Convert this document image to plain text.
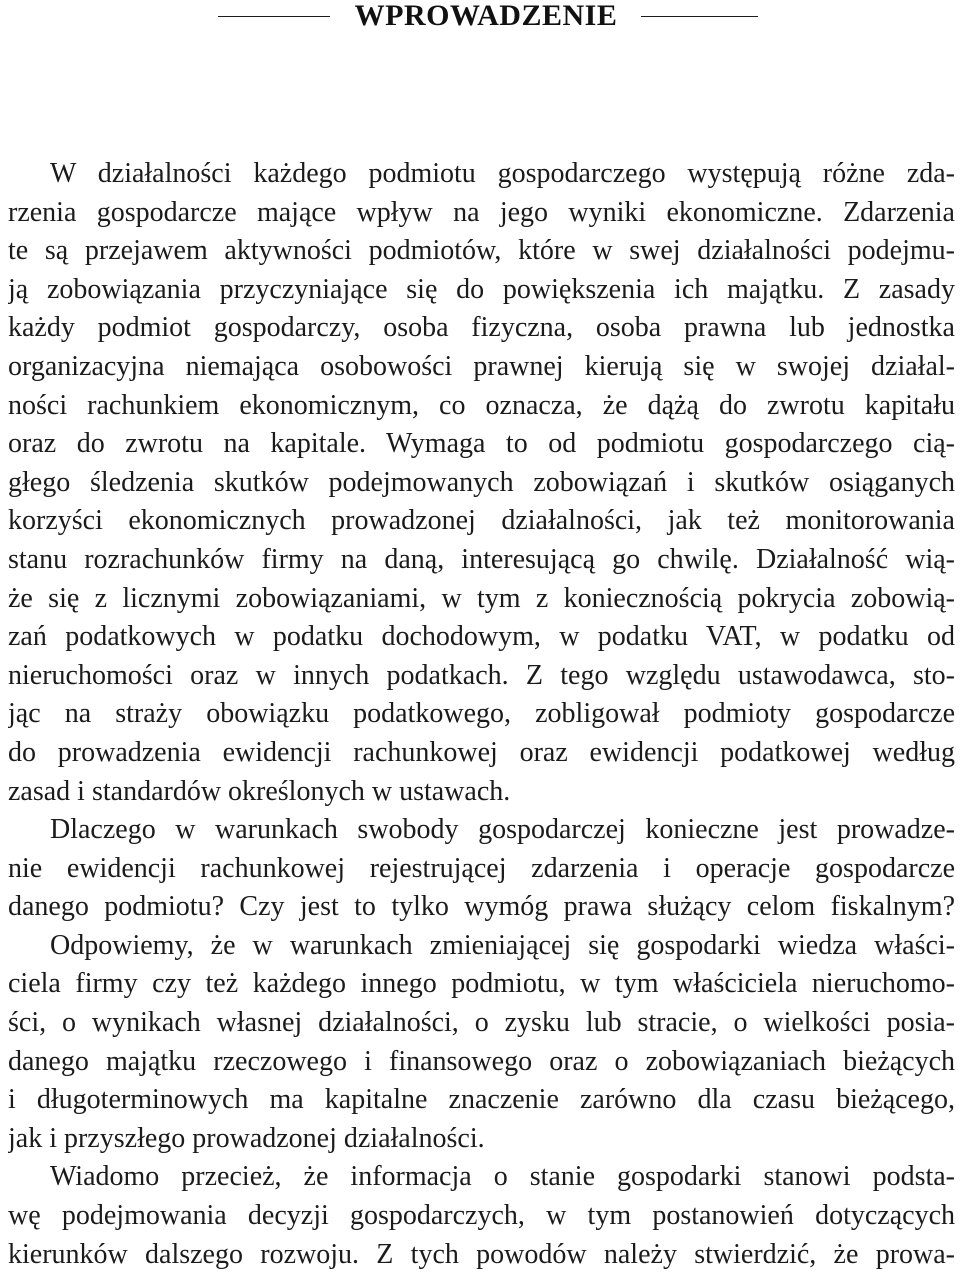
WPROWADZENIE
W działalności każdego podmiotu gospodarczego występują różne zda-
rzenia gospodarcze mające wpływ na jego wyniki ekonomiczne. Zdarzenia
te są przejawem aktywności podmiotów, które w swej działalności podejmu-
ją zobowiązania przyczyniające się do powiększenia ich majątku. Z zasady
każdy podmiot gospodarczy, osoba fizyczna, osoba prawna lub jednostka
organizacyjna niemająca osobowości prawnej kierują się w swojej działal-
ności rachunkiem ekonomicznym, co oznacza, że dążą do zwrotu kapitału
oraz do zwrotu na kapitale. Wymaga to od podmiotu gospodarczego cią-
głego śledzenia skutków podejmowanych zobowiązań i skutków osiąganych
korzyści ekonomicznych prowadzonej działalności, jak też monitorowania
stanu rozrachunków firmy na daną, interesującą go chwilę. Działalność wią-
że się z licznymi zobowiązaniami, w tym z koniecznością pokrycia zobowią-
zań podatkowych w podatku dochodowym, w podatku VAT, w podatku od
nieruchomości oraz w innych podatkach. Z tego względu ustawodawca, sto-
jąc na straży obowiązku podatkowego, zobligował podmioty gospodarcze
do prowadzenia ewidencji rachunkowej oraz ewidencji podatkowej według
zasad i standardów określonych w ustawach.
Dlaczego w warunkach swobody gospodarczej konieczne jest prowadze-
nie ewidencji rachunkowej rejestrującej zdarzenia i operacje gospodarcze
danego podmiotu? Czy jest to tylko wymóg prawa służący celom fiskalnym?
Odpowiemy, że w warunkach zmieniającej się gospodarki wiedza właści-
ciela firmy czy też każdego innego podmiotu, w tym właściciela nieruchomo-
ści, o wynikach własnej działalności, o zysku lub stracie, o wielkości posia-
danego majątku rzeczowego i finansowego oraz o zobowiązaniach bieżących
i długoterminowych ma kapitalne znaczenie zarówno dla czasu bieżącego,
jak i przyszłego prowadzonej działalności.
Wiadomo przecież, że informacja o stanie gospodarki stanowi podsta-
wę podejmowania decyzji gospodarczych, w tym postanowień dotyczących
kierunków dalszego rozwoju. Z tych powodów należy stwierdzić, że prowa-
